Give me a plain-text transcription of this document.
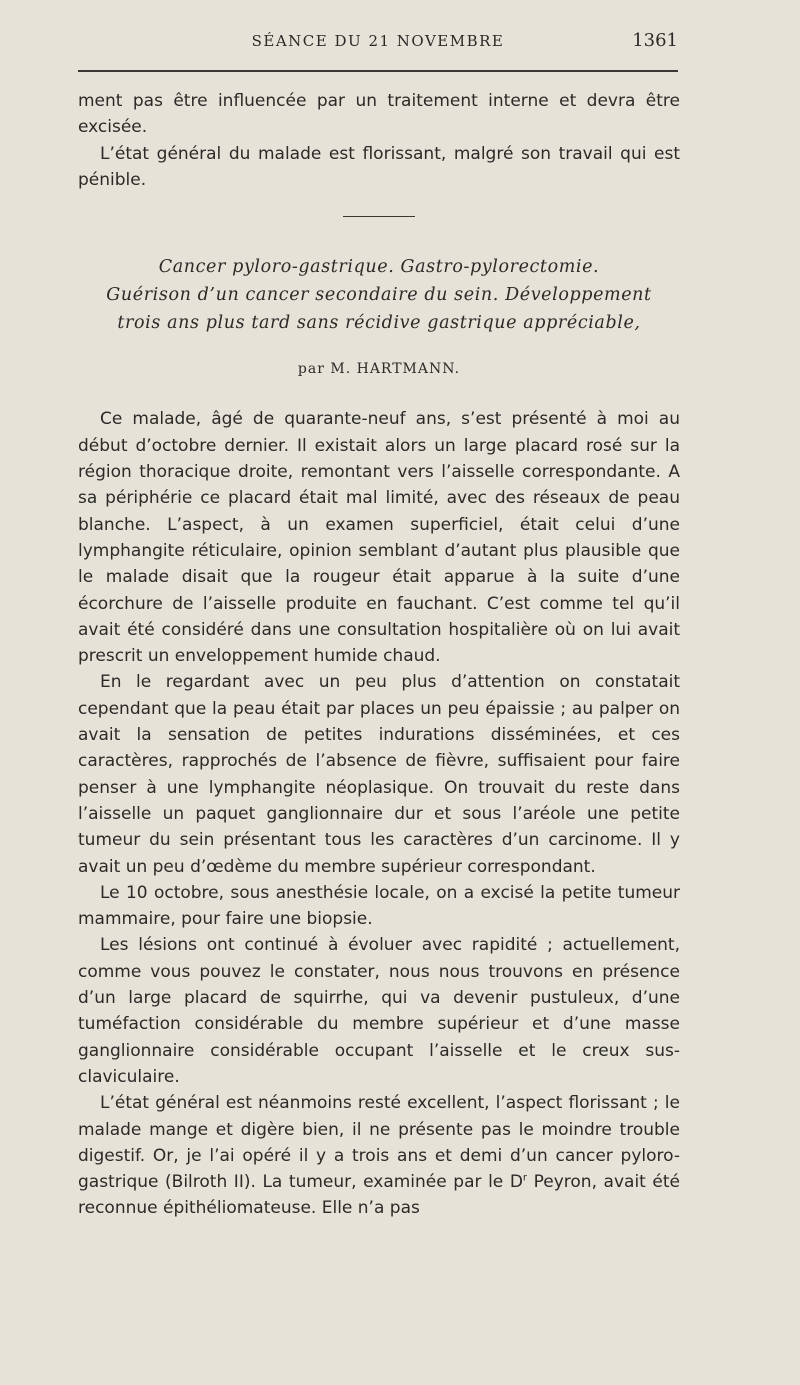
SÉANCE DU 21 NOVEMBRE	1361

ment pas être influencée par un traitement interne et devra être excisée.

L’état général du malade est florissant, malgré son travail qui est pénible.

Cancer pyloro-gastrique. Gastro-pylorectomie.
Guérison d’un cancer secondaire du sein. Développement
trois ans plus tard sans récidive gastrique appréciable,
par M. HARTMANN.

Ce malade, âgé de quarante-neuf ans, s’est présenté à moi au début d’octobre dernier. Il existait alors un large placard rosé sur la région thoracique droite, remontant vers l’aisselle correspondante. A sa périphérie ce placard était mal limité, avec des réseaux de peau blanche. L’aspect, à un examen superficiel, était celui d’une lymphangite réticulaire, opinion semblant d’autant plus plausible que le malade disait que la rougeur était apparue à la suite d’une écorchure de l’aisselle produite en fauchant. C’est comme tel qu’il avait été considéré dans une consultation hospitalière où on lui avait prescrit un enveloppement humide chaud.

En le regardant avec un peu plus d’attention on constatait cependant que la peau était par places un peu épaissie ; au palper on avait la sensation de petites indurations disséminées, et ces caractères, rapprochés de l’absence de fièvre, suffisaient pour faire penser à une lymphangite néoplasique. On trouvait du reste dans l’aisselle un paquet ganglionnaire dur et sous l’aréole une petite tumeur du sein présentant tous les caractères d’un carcinome. Il y avait un peu d’œdème du membre supérieur correspondant.

Le 10 octobre, sous anesthésie locale, on a excisé la petite tumeur mammaire, pour faire une biopsie.

Les lésions ont continué à évoluer avec rapidité ; actuellement, comme vous pouvez le constater, nous nous trouvons en présence d’un large placard de squirrhe, qui va devenir pustuleux, d’une tuméfaction considérable du membre supérieur et d’une masse ganglionnaire considérable occupant l’aisselle et le creux sus-claviculaire.

L’état général est néanmoins resté excellent, l’aspect florissant ; le malade mange et digère bien, il ne présente pas le moindre trouble digestif. Or, je l’ai opéré il y a trois ans et demi d’un cancer pyloro-gastrique (Bilroth II). La tumeur, examinée par le $D^r$ Peyron, avait été reconnue épithéliomateuse. Elle n’a pas
